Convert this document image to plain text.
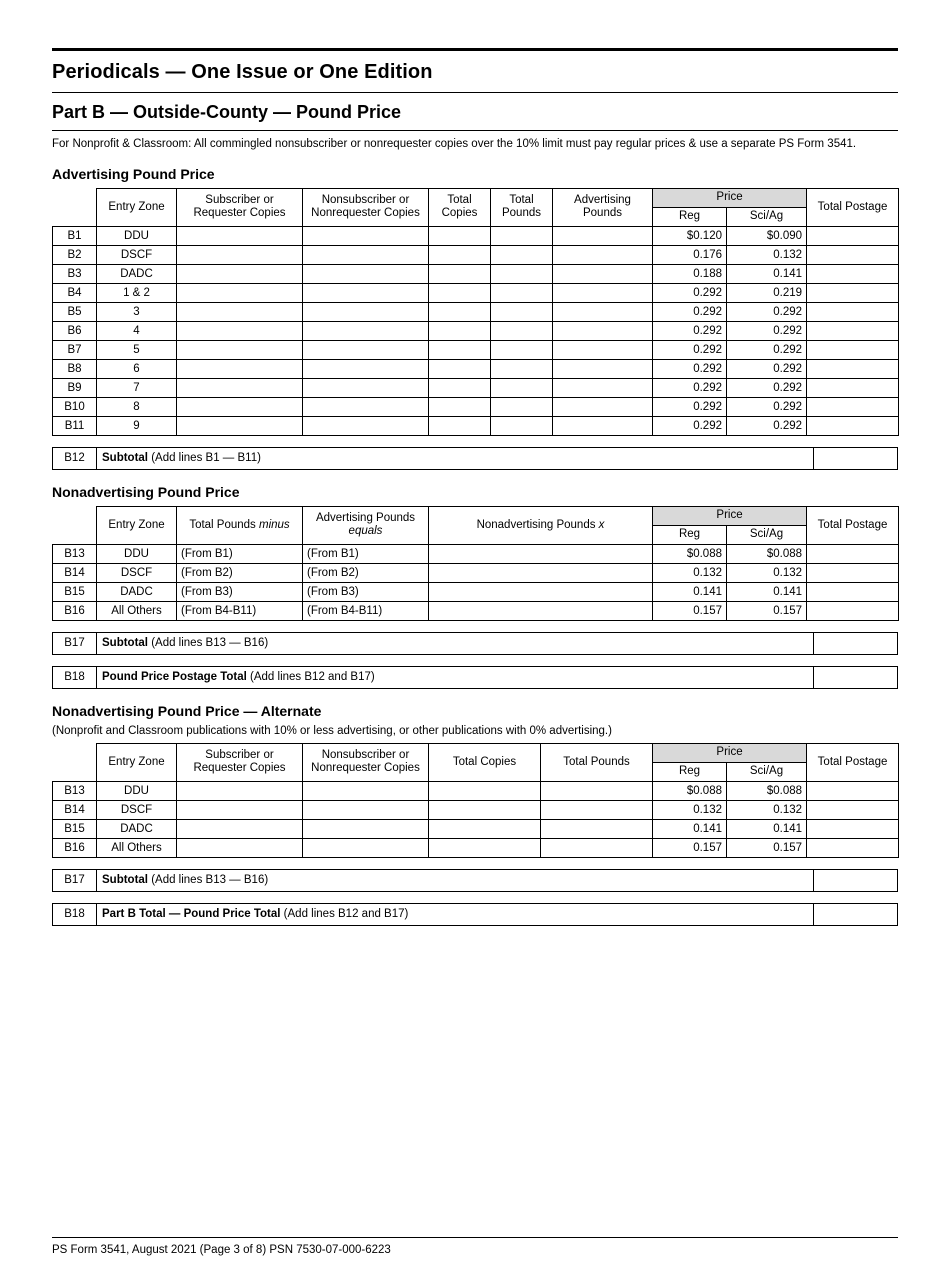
Periodicals — One Issue or One Edition
Part B — Outside-County — Pound Price

For Nonprofit & Classroom: All commingled nonsubscriber or nonrequester copies over the 10% limit must pay regular prices & use a separate PS Form 3541.

Advertising Pound Price
	Entry Zone	Subscriber or
Requester Copies	Nonsubscriber or
Nonrequester Copies	Total
Copies	Total
Pounds	Advertising
Pounds	Price		Total Postage
							Reg	Sci/Ag	
B1	DDU						$0.120	$0.090	
B2	DSCF						0.176	0.132	
B3	DADC						0.188	0.141	
B4	1 & 2						0.292	0.219	
B5	3						0.292	0.292	
B6	4						0.292	0.292	
B7	5						0.292	0.292	
B8	6						0.292	0.292	
B9	7						0.292	0.292	
B10	8						0.292	0.292	
B11	9						0.292	0.292	
B12	Subtotal (Add lines B1 — B11)	
Nonadvertising Pound Price
	Entry Zone	Total Pounds minus	Advertising Pounds
equals	Nonadvertising Pounds x	Price		Total Postage
					Reg	Sci/Ag	
B13	DDU	(From B1)	(From B1)		$0.088	$0.088	
B14	DSCF	(From B2)	(From B2)		0.132	0.132	
B15	DADC	(From B3)	(From B3)		0.141	0.141	
B16	All Others	(From B4-B11)	(From B4-B11)		0.157	0.157	
B17	Subtotal (Add lines B13 — B16)	
B18	Pound Price Postage Total (Add lines B12 and B17)	
Nonadvertising Pound Price — Alternate

(Nonprofit and Classroom publications with 10% or less advertising, or other publications with 0% advertising.)

	Entry Zone	Subscriber or
Requester Copies	Nonsubscriber or
Nonrequester Copies	Total Copies	Total Pounds	Price		Total Postage
						Reg	Sci/Ag	
B13	DDU					$0.088	$0.088	
B14	DSCF					0.132	0.132	
B15	DADC					0.141	0.141	
B16	All Others					0.157	0.157	
B17	Subtotal (Add lines B13 — B16)	
B18	Part B Total — Pound Price Total (Add lines B12 and B17)	
PS Form 3541, August 2021 (Page 3 of 8) PSN 7530-07-000-6223
